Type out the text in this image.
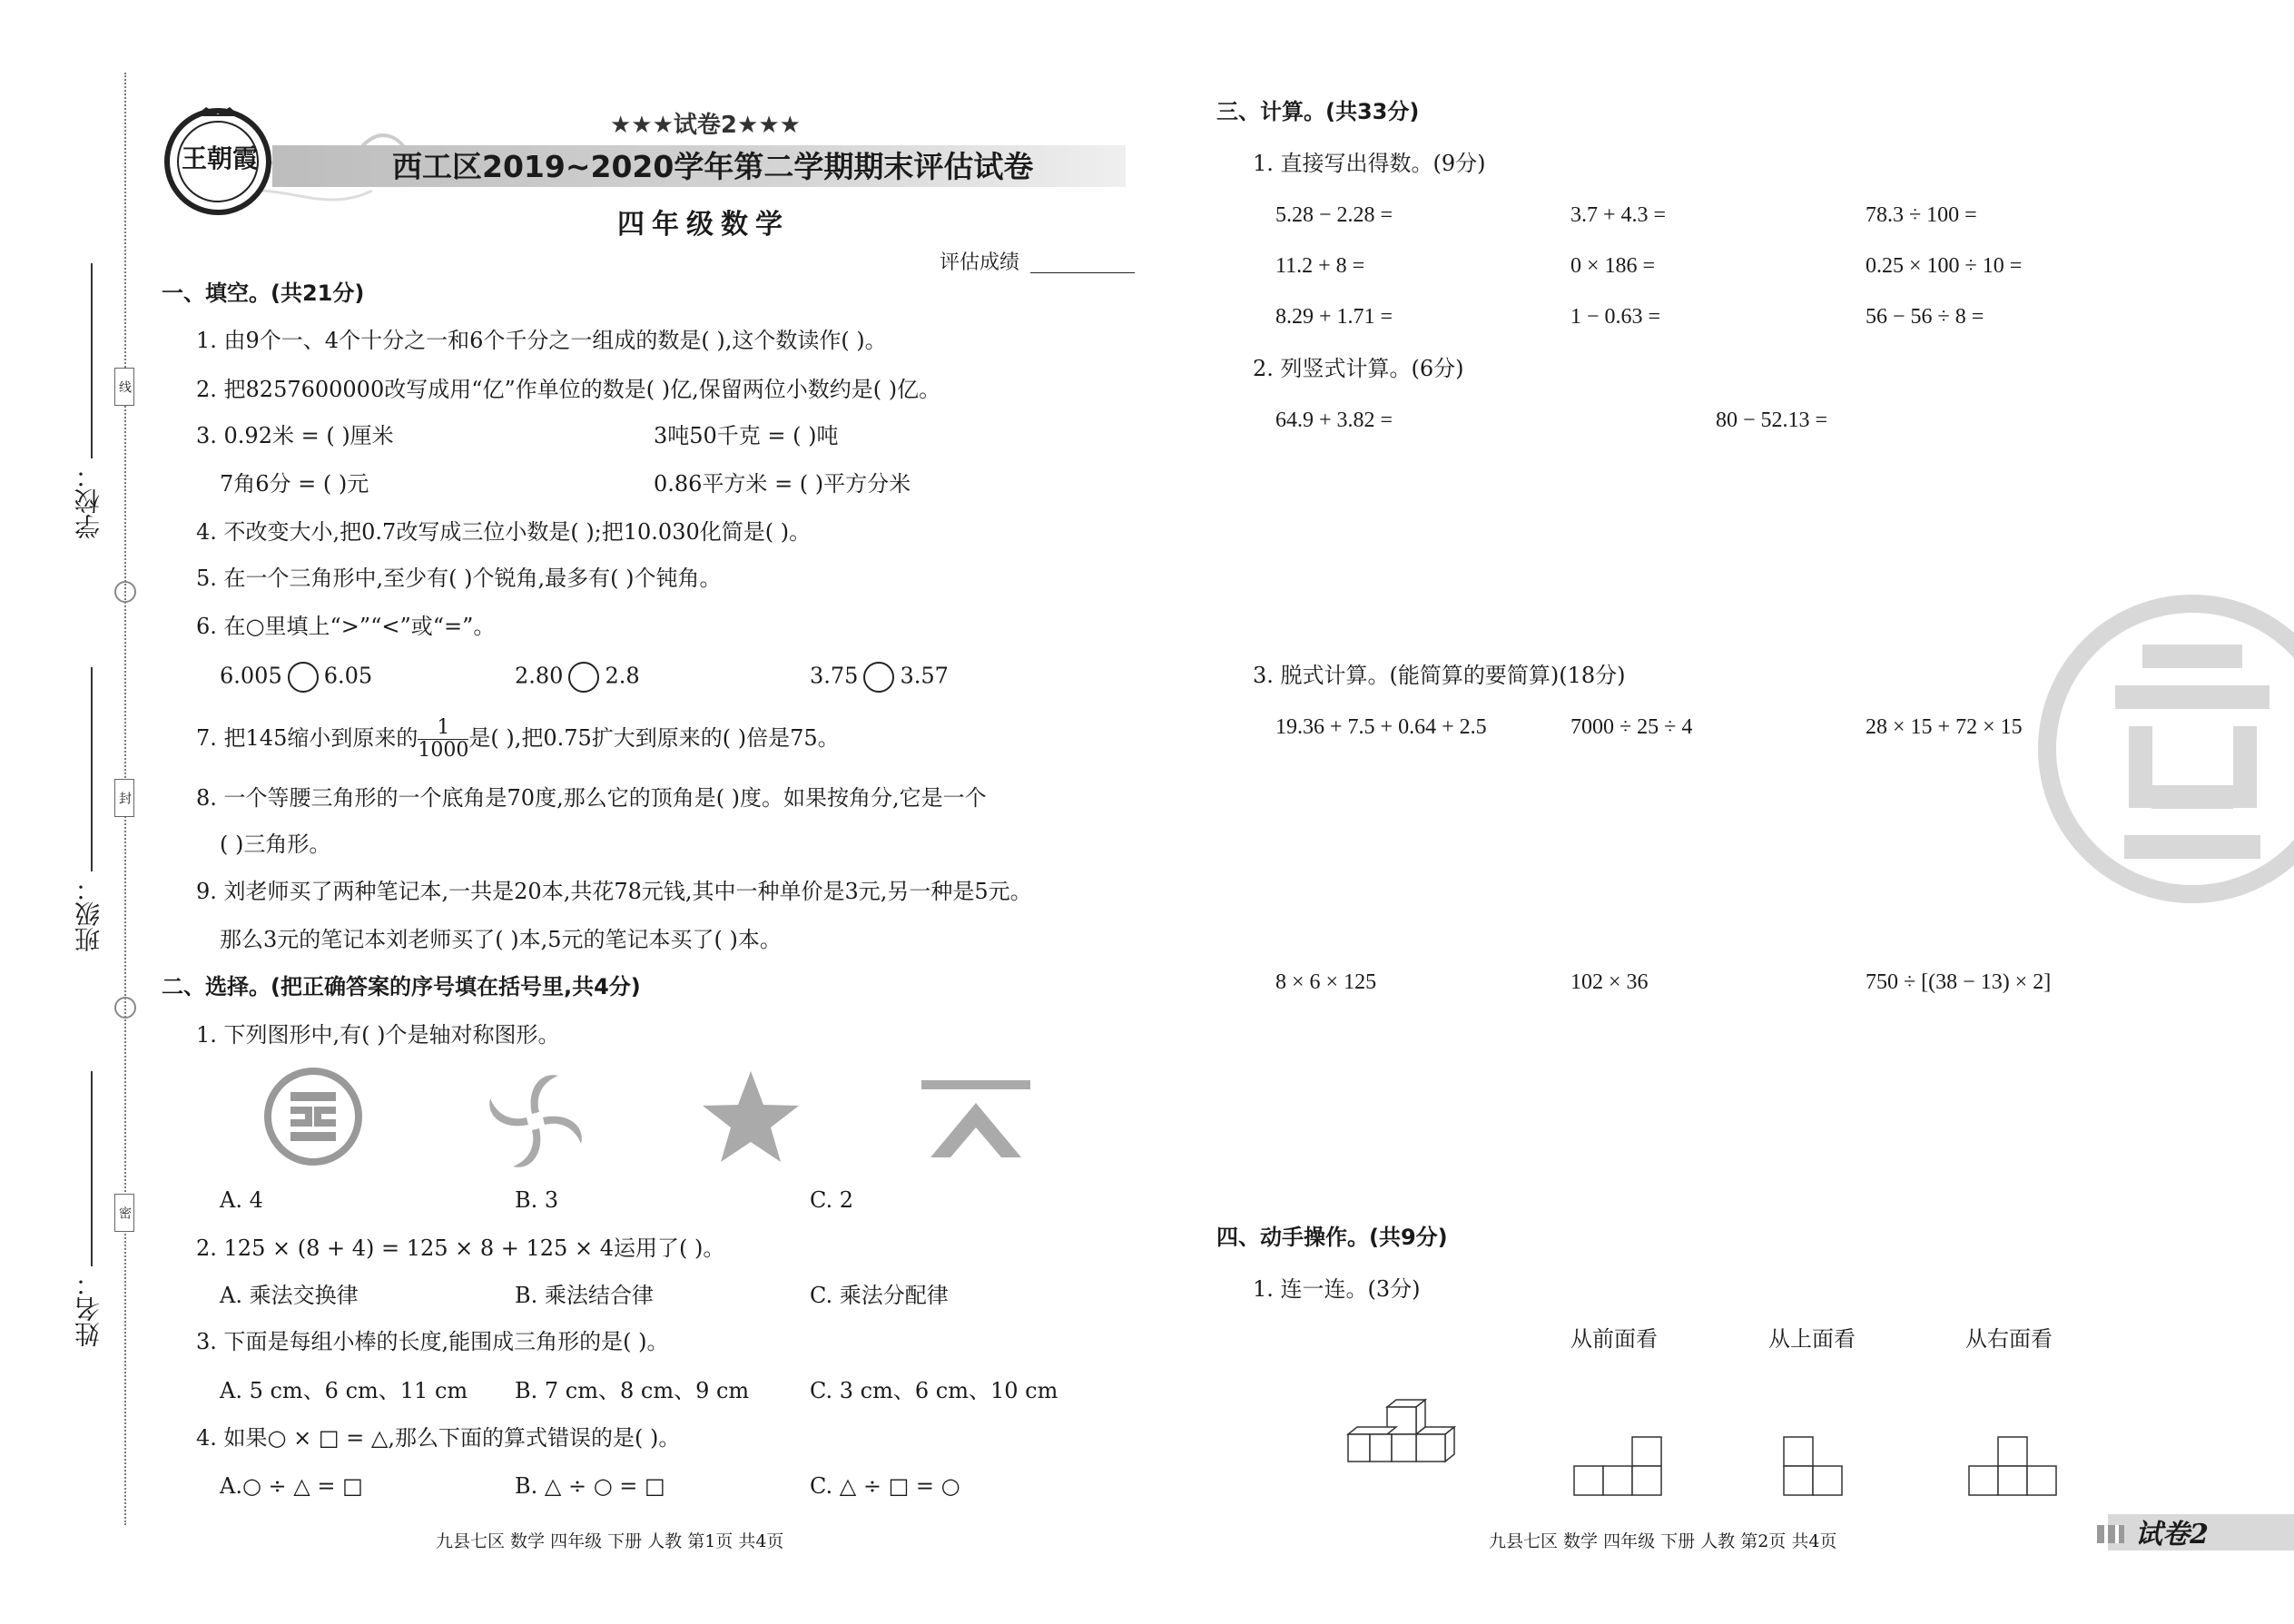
学校：
班级：
姓名：
线
封
密
王朝霞
★★★试卷2★★★
西工区2019~2020学年第二学期期末评估试卷
四年级数学
评估成绩
一、填空。(共21分)
1. 由9个一、4个十分之一和6个千分之一组成的数是( ),这个数读作( )。
2. 把8257600000改写成用“亿”作单位的数是( )亿,保留两位小数约是( )亿。
3. 0.92米 = ( )厘米	3吨50千克 = ( )吨
7角6分 = ( )元	0.86平方米 = ( )平方分米
4. 不改变大小,把0.7改写成三位小数是( );把10.030化简是( )。
5. 在一个三角形中,至少有( )个锐角,最多有( )个钝角。
6. 在○里填上“>”“<”或“=”。
6.005 6.05	2.80 2.8	3.75 3.57
7. 把145缩小到原来的 $\frac{1}{1000}$ 是( ),把0.75扩大到原来的( )倍是75。
8. 一个等腰三角形的一个底角是70度,那么它的顶角是( )度。如果按角分,它是一个
( )三角形。
9. 刘老师买了两种笔记本,一共是20本,共花78元钱,其中一种单价是3元,另一种是5元。
那么3元的笔记本刘老师买了( )本,5元的笔记本买了( )本。
二、选择。(把正确答案的序号填在括号里,共4分)
1. 下列图形中,有( )个是轴对称图形。
A. 4	B. 3	C. 2
2. 125 × (8 + 4) = 125 × 8 + 125 × 4运用了( )。
A. 乘法交换律	B. 乘法结合律	C. 乘法分配律
3. 下面是每组小棒的长度,能围成三角形的是( )。
A. 5 cm、6 cm、11 cm B. 7 cm、8 cm、9 cm	C. 3 cm、6 cm、10 cm
4. 如果○ × □ = △,那么下面的算式错误的是( )。
A.○ ÷ △ = □	B. △ ÷ ○ = □	C. △ ÷ □ = ○
九县七区 数学 四年级 下册 人教 第1页 共4页
三、计算。(共33分)
1. 直接写出得数。(9分)
5.28 − 2.28 =	3.7 + 4.3 =	78.3 ÷ 100 =
11.2 + 8 =	0 × 186 =	0.25 × 100 ÷ 10 =
8.29 + 1.71 =	1 − 0.63 =	56 − 56 ÷ 8 =
2. 列竖式计算。(6分)
64.9 + 3.82 =	80 − 52.13 =
3. 脱式计算。(能简算的要简算)(18分)
19.36 + 7.5 + 0.64 + 2.5	7000 ÷ 25 ÷ 4	28 × 15 + 72 × 15
8 × 6 × 125	102 × 36	750 ÷ [(38 − 13) × 2]
四、动手操作。(共9分)
1. 连一连。(3分)
从前面看	从上面看	从右面看
九县七区 数学 四年级 下册 人教 第2页 共4页	试卷2
